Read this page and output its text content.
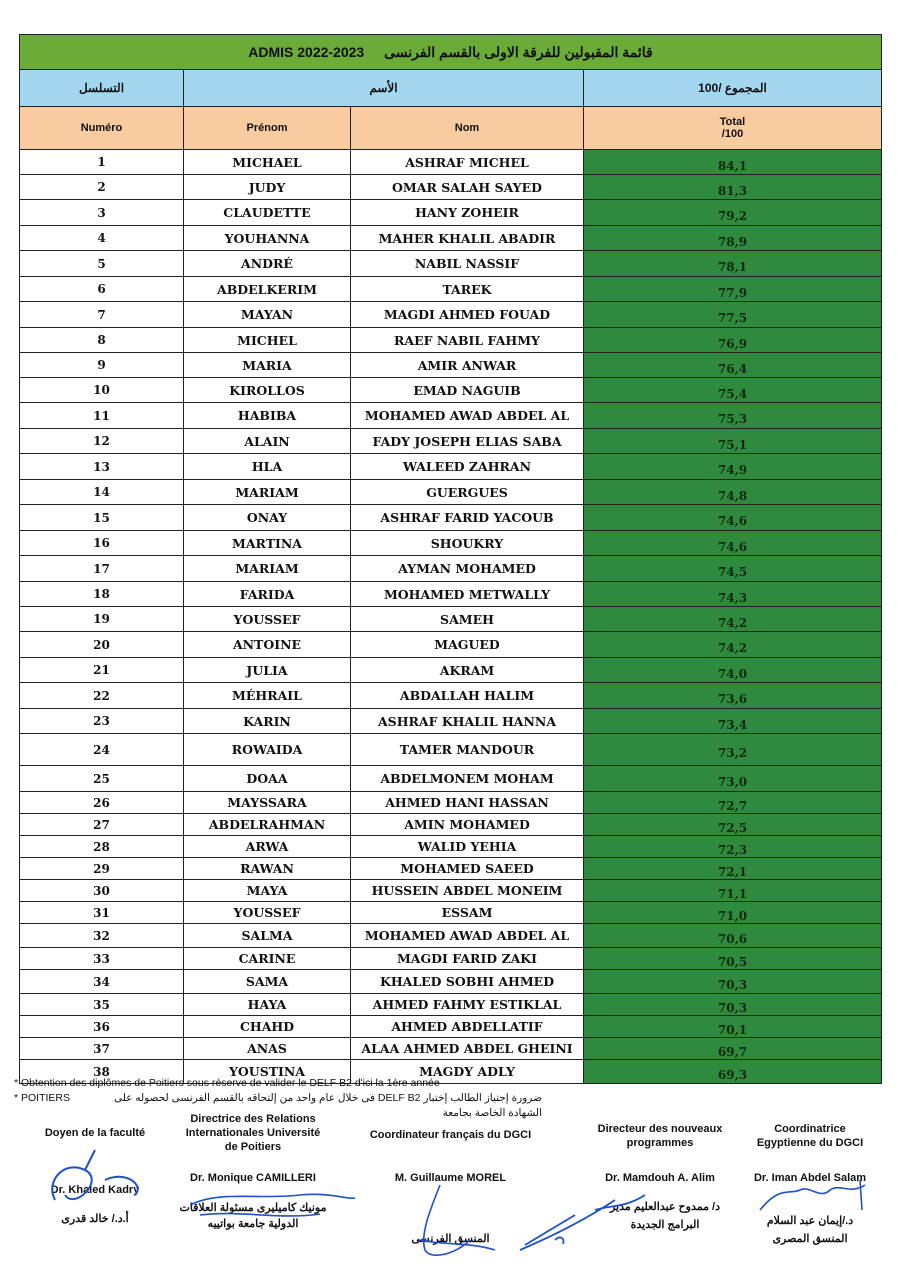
ADMIS 2022-2023 قائمة المقبولين للفرقة الاولى بالقسم الفرنسى			
التسلسل	الأسم		المجموع /100
Numéro	Prénom	Nom	Total
/100

1	MICHAEL	ASHRAF MICHEL	84,1
2	JUDY	OMAR SALAH SAYED	81,3
3	CLAUDETTE	HANY ZOHEIR	79,2
4	YOUHANNA	MAHER KHALIL ABADIR	78,9
5	ANDRÉ	NABIL NASSIF	78,1
6	ABDELKERIM	TAREK	77,9
7	MAYAN	MAGDI AHMED FOUAD	77,5
8	MICHEL	RAEF NABIL FAHMY	76,9
9	MARIA	AMIR ANWAR	76,4
10	KIROLLOS	EMAD NAGUIB	75,4
11	HABIBA	MOHAMED AWAD ABDEL AL	75,3
12	ALAIN	FADY JOSEPH ELIAS SABA	75,1
13	HLA	WALEED ZAHRAN	74,9
14	MARIAM	GUERGUES	74,8
15	ONAY	ASHRAF FARID YACOUB	74,6
16	MARTINA	SHOUKRY	74,6
17	MARIAM	AYMAN MOHAMED	74,5
18	FARIDA	MOHAMED METWALLY	74,3
19	YOUSSEF	SAMEH	74,2
20	ANTOINE	MAGUED	74,2
21	JULIA	AKRAM	74,0
22	MÉHRAIL	ABDALLAH HALIM	73,6
23	KARIN	ASHRAF KHALIL HANNA	73,4
24	ROWAIDA	TAMER MANDOUR	73,2
25	DOAA	ABDELMONEM MOHAM	73,0
26	MAYSSARA	AHMED HANI HASSAN	72,7
27	ABDELRAHMAN	AMIN MOHAMED	72,5
28	ARWA	WALID YEHIA	72,3
29	RAWAN	MOHAMED SAEED	72,1
30	MAYA	HUSSEIN ABDEL MONEIM	71,1
31	YOUSSEF	ESSAM	71,0
32	SALMA	MOHAMED AWAD ABDEL AL	70,6
33	CARINE	MAGDI FARID ZAKI	70,5
34	SAMA	KHALED SOBHI AHMED	70,3
35	HAYA	AHMED FAHMY ESTIKLAL	70,3
36	CHAHD	AHMED ABDELLATIF	70,1
37	ANAS	ALAA AHMED ABDEL GHEINI	69,7
38	YOUSTINA	MAGDY ADLY	69,3
* Obtention des diplômes de Poitiers sous réserve de valider le DELF B2 d'ici la 1ère année
* POITIERS	ضرورة إجتياز الطالب إختبار DELF B2 فى خلال عام واحد من إلتحاقه بالقسم الفرنسى لحصوله على الشهادة الخاصة بجامعة
Doyen de la faculté
Dr. Khaled Kadry
أ.د./ خالد قدرى
Directrice des Relations Internationales Université de Poitiers
Dr. Monique CAMILLERI
مونيك كاميليرى مسئولة العلاقات الدولية جامعة بواتييه
Coordinateur français du DGCI
M. Guillaume MOREL
المنسق الفرنسى
Directeur des nouveaux programmes
Dr. Mamdouh A. Alim
د/ ممدوح عبدالعليم مدير البرامج الجديدة
Coordinatrice Egyptienne du DGCI
Dr. Iman Abdel Salam
د./إيمان عبد السلام المنسق المصرى
